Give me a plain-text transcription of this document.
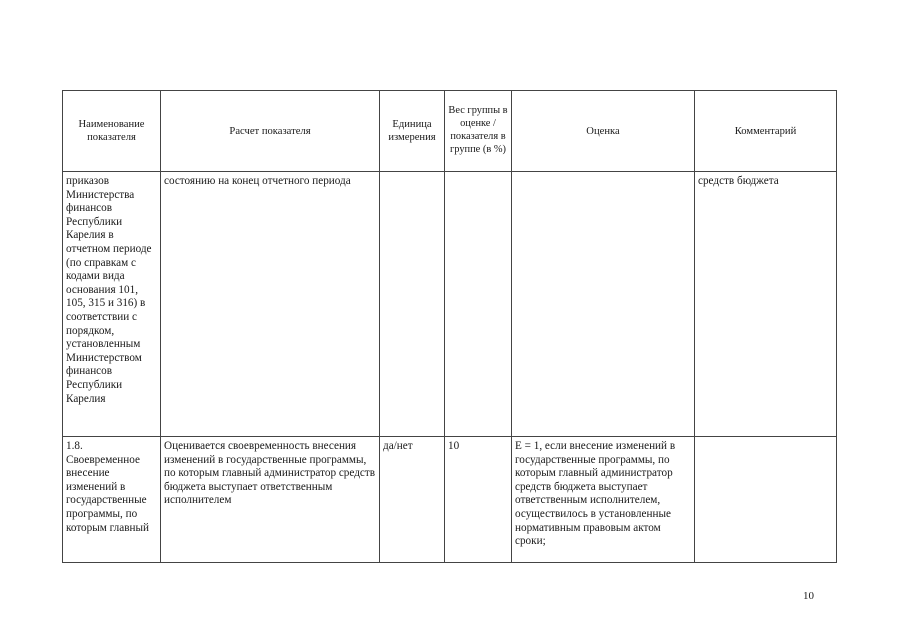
Наименование показателя	Расчет показателя	Единица измерения	Вес группы в оценке / показателя в группе (в %)	Оценка	Комментарий
приказов Министерства финансов Республики Карелия в отчетном периоде (по справкам с кодами вида основания 101, 105, 315 и 316) в соответствии с порядком, установленным Министерством финансов Республики Карелия	состоянию на конец отчетного периода				средств бюджета
1.8. Своевременное внесение изменений в государственные программы, по которым главный	Оценивается своевременность внесения изменений в государственные программы, по которым главный администратор средств бюджета выступает ответственным исполнителем	да/нет	10	E = 1, если внесение изменений в государственные программы, по которым главный администратор средств бюджета выступает ответственным исполнителем, осуществилось в установленные нормативным правовым актом сроки;	
10
